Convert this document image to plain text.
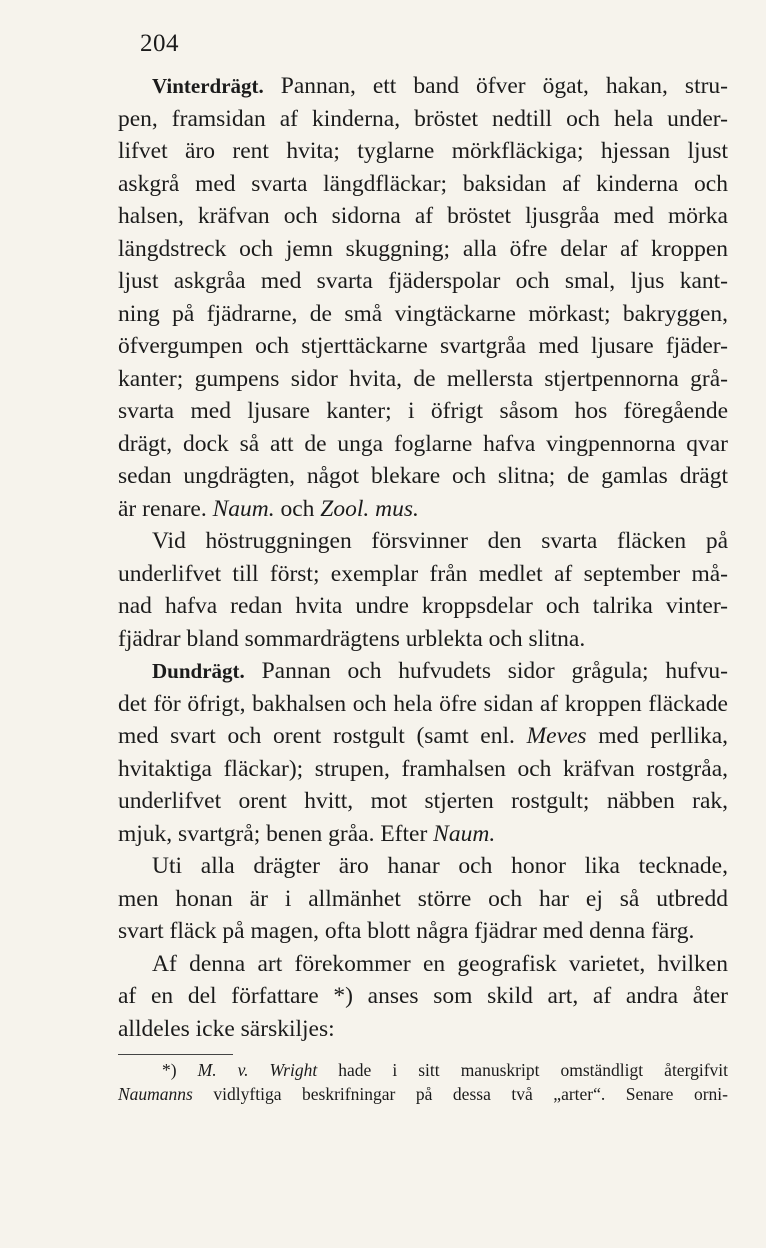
204
Vinterdrägt. Pannan, ett band öfver ögat, hakan, stru-
pen, framsidan af kinderna, bröstet nedtill och hela under-
lifvet äro rent hvita; tyglarne mörkfläckiga; hjessan ljust
askgrå med svarta längdfläckar; baksidan af kinderna och
halsen, kräfvan och sidorna af bröstet ljusgråa med mörka
längdstreck och jemn skuggning; alla öfre delar af kroppen
ljust askgråa med svarta fjäderspolar och smal, ljus kant-
ning på fjädrarne, de små vingtäckarne mörkast; bakryggen,
öfvergumpen och stjerttäckarne svartgråa med ljusare fjäder-
kanter; gumpens sidor hvita, de mellersta stjertpennorna grå-
svarta med ljusare kanter; i öfrigt såsom hos föregående
drägt, dock så att de unga foglarne hafva vingpennorna qvar
sedan ungdrägten, något blekare och slitna; de gamlas drägt
är renare. Naum. och Zool. mus.
Vid höstruggningen försvinner den svarta fläcken på
underlifvet till först; exemplar från medlet af september må-
nad hafva redan hvita undre kroppsdelar och talrika vinter-
fjädrar bland sommardrägtens urblekta och slitna.
Dundrägt. Pannan och hufvudets sidor grågula; hufvu-
det för öfrigt, bakhalsen och hela öfre sidan af kroppen fläckade
med svart och orent rostgult (samt enl. Meves med perllika,
hvitaktiga fläckar); strupen, framhalsen och kräfvan rostgråa,
underlifvet orent hvitt, mot stjerten rostgult; näbben rak,
mjuk, svartgrå; benen gråa. Efter Naum.
Uti alla drägter äro hanar och honor lika tecknade,
men honan är i allmänhet större och har ej så utbredd
svart fläck på magen, ofta blott några fjädrar med denna färg.
Af denna art förekommer en geografisk varietet, hvilken
af en del författare *) anses som skild art, af andra åter
alldeles icke särskiljes:
*) M. v. Wright hade i sitt manuskript omständligt återgifvit
Naumanns vidlyftiga beskrifningar på dessa två „arter“. Senare orni-
